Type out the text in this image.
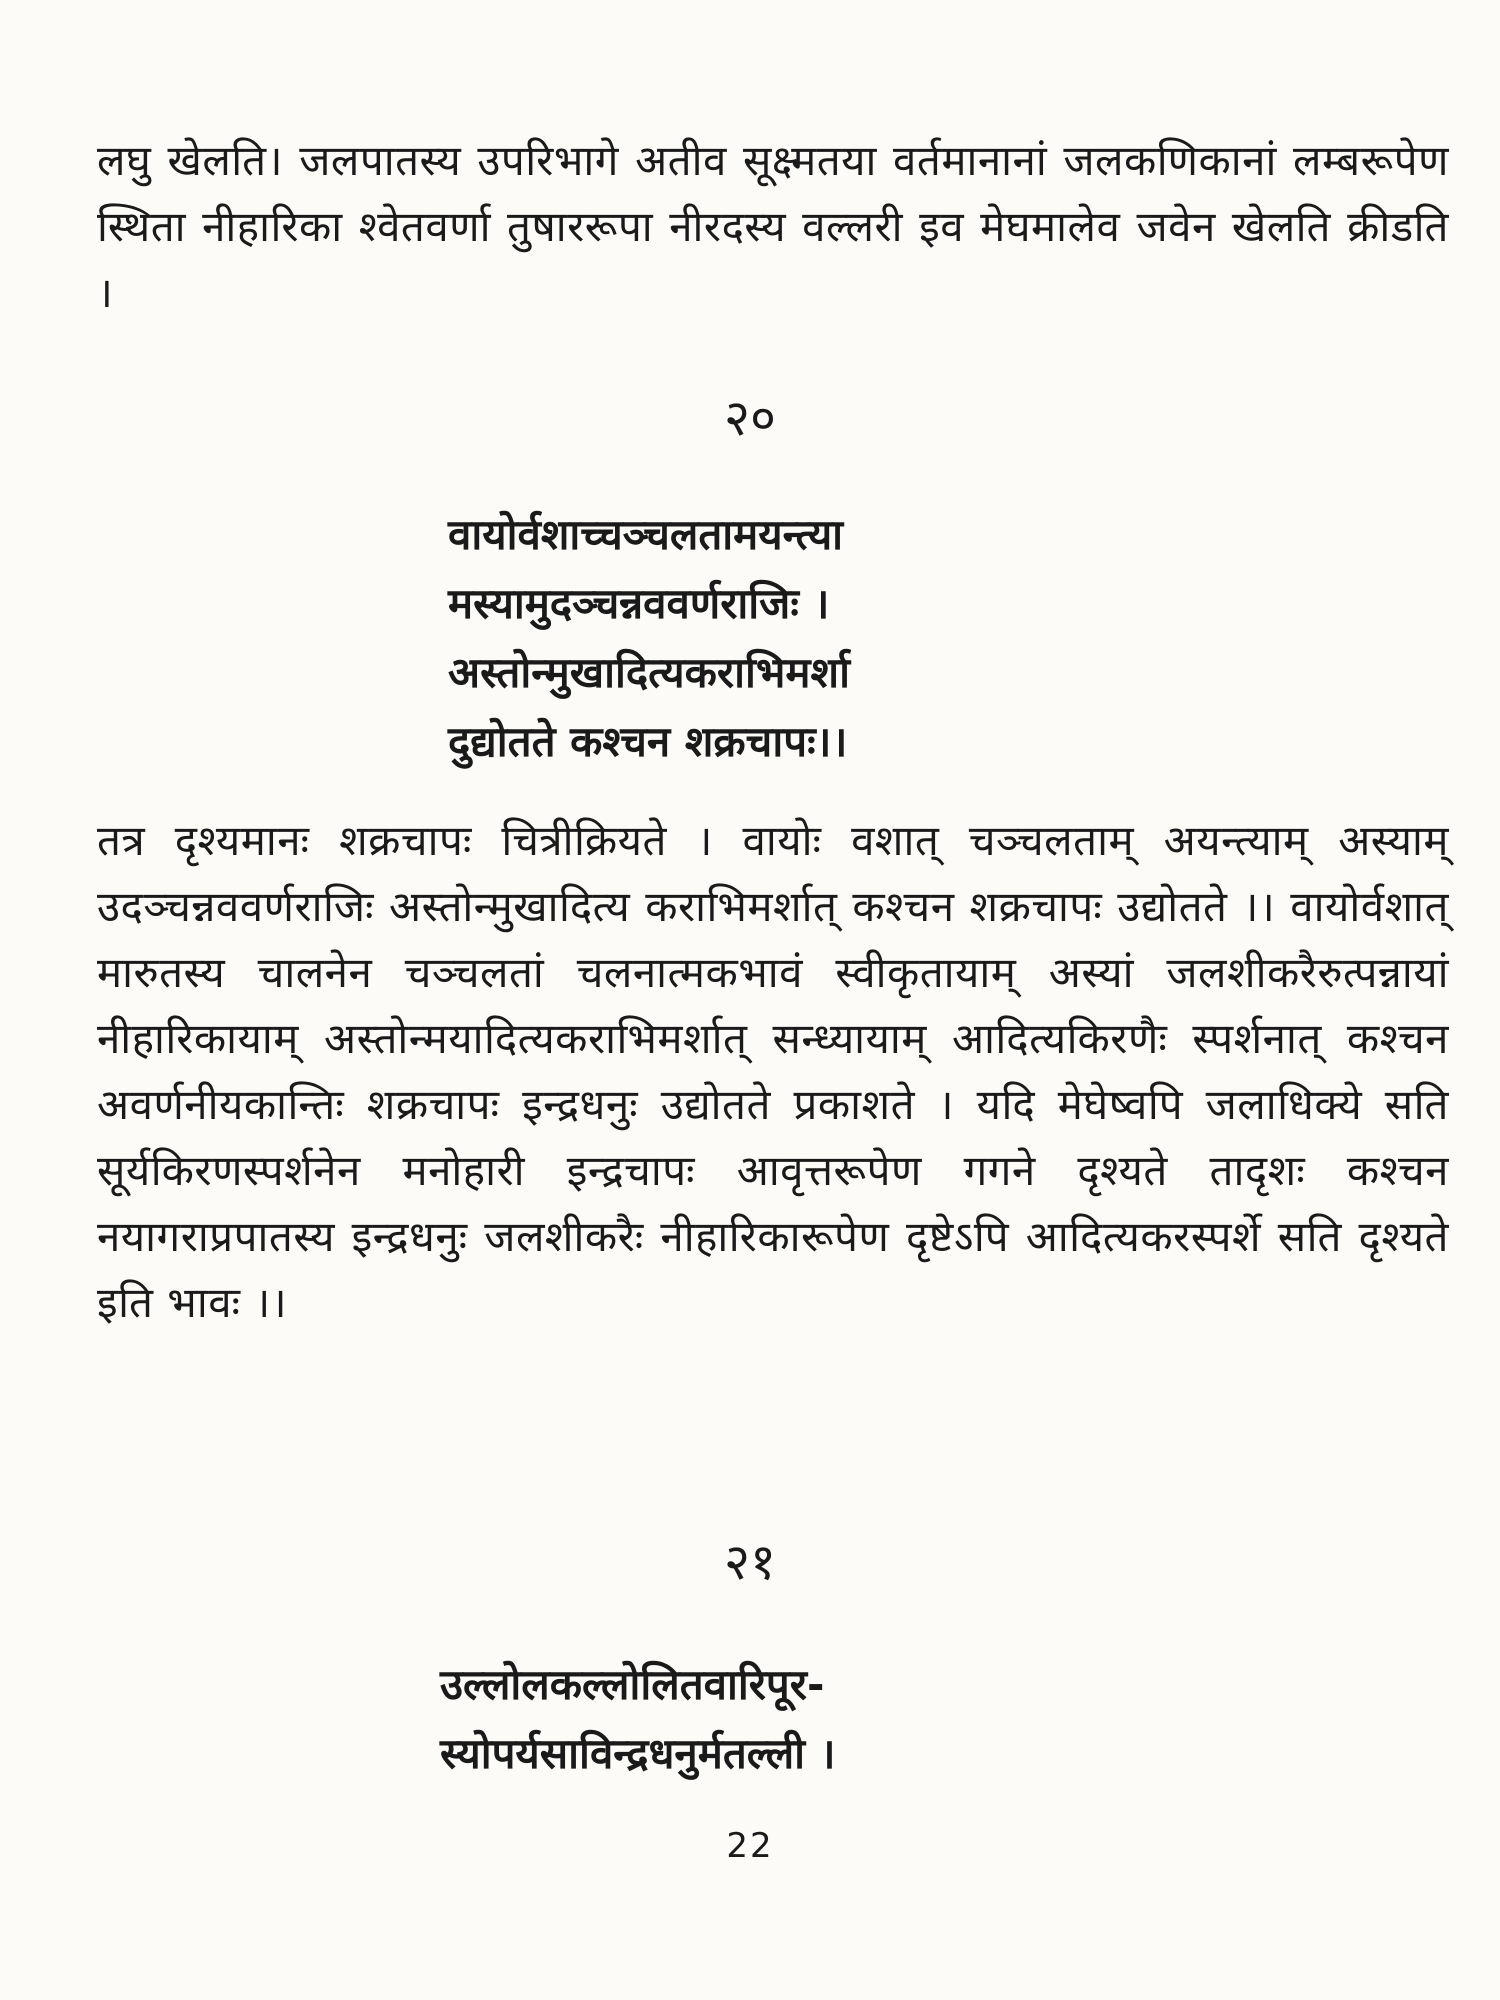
लघु खेलति। जलपातस्य उपरिभागे अतीव सूक्ष्मतया वर्तमानानां जलकणिकानां लम्बरूपेण स्थिता नीहारिका श्वेतवर्णा तुषाररूपा नीरदस्य वल्लरी इव मेघमालेव जवेन खेलति क्रीडति ।

२०
वायोर्वशाच्चञ्चलतामयन्त्या
मस्यामुदञ्चन्नववर्णराजिः ।
अस्तोन्मुखादित्यकराभिमर्शा
दुद्योतते कश्चन शक्रचापः।।

तत्र दृश्यमानः शक्रचापः चित्रीक्रियते । वायोः वशात् चञ्चलताम् अयन्त्याम् अस्याम् उदञ्चन्नववर्णराजिः अस्तोन्मुखादित्य कराभिमर्शात् कश्चन शक्रचापः उद्योतते ।। वायोर्वशात् मारुतस्य चालनेन चञ्चलतां चलनात्मकभावं स्वीकृतायाम् अस्यां जलशीकरैरुत्पन्नायां नीहारिकायाम् अस्तोन्मयादित्यकराभिमर्शात् सन्ध्यायाम् आदित्यकिरणैः स्पर्शनात् कश्चन अवर्णनीयकान्तिः शक्रचापः इन्द्रधनुः उद्योतते प्रकाशते । यदि मेघेष्वपि जलाधिक्ये सति सूर्यकिरणस्पर्शनेन मनोहारी इन्द्रचापः आवृत्तरूपेण गगने दृश्यते तादृशः कश्चन नयागराप्रपातस्य इन्द्रधनुः जलशीकरैः नीहारिकारूपेण दृष्टेऽपि आदित्यकरस्पर्शे सति दृश्यते इति भावः ।।

२१
उल्लोलकल्लोलितवारिपूर-
स्योपर्यसाविन्द्रधनुर्मतल्ली ।
22
